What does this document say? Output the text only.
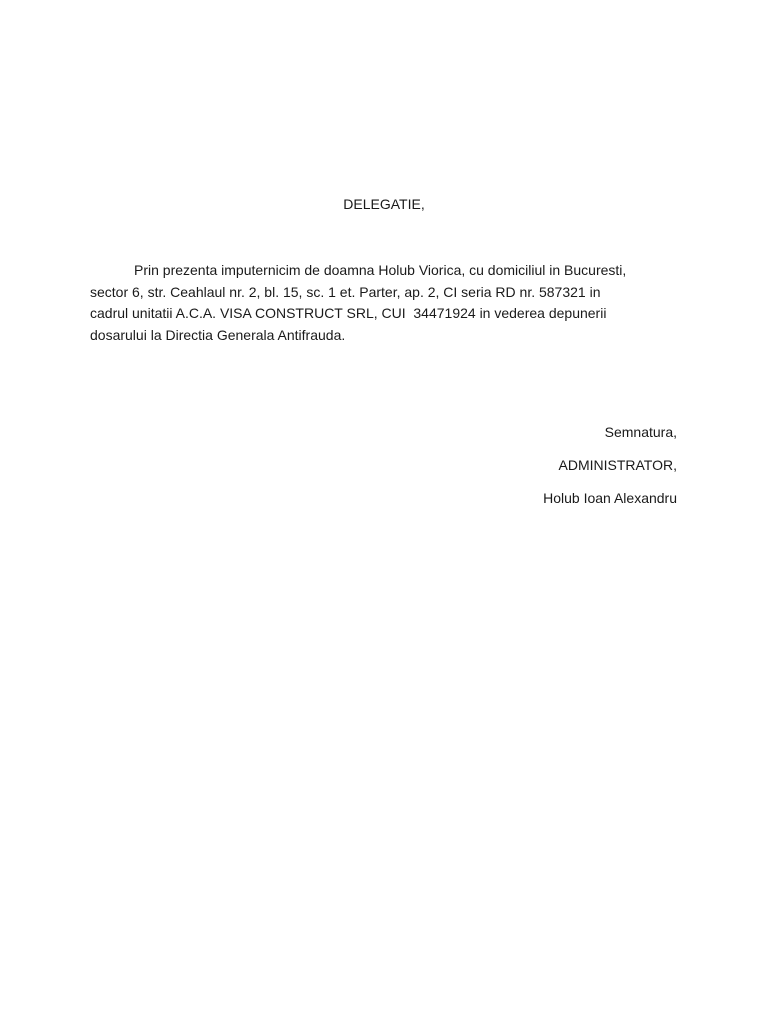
DELEGATIE,

Prin prezenta imputernicim de doamna Holub Viorica, cu domiciliul in Bucuresti,
sector 6, str. Ceahlaul nr. 2, bl. 15, sc. 1 et. Parter, ap. 2, CI seria RD nr. 587321 in
cadrul unitatii A.C.A. VISA CONSTRUCT SRL, CUI  34471924 in vederea depunerii
dosarului la Directia Generala Antifrauda.

Semnatura,
ADMINISTRATOR,
Holub Ioan Alexandru
